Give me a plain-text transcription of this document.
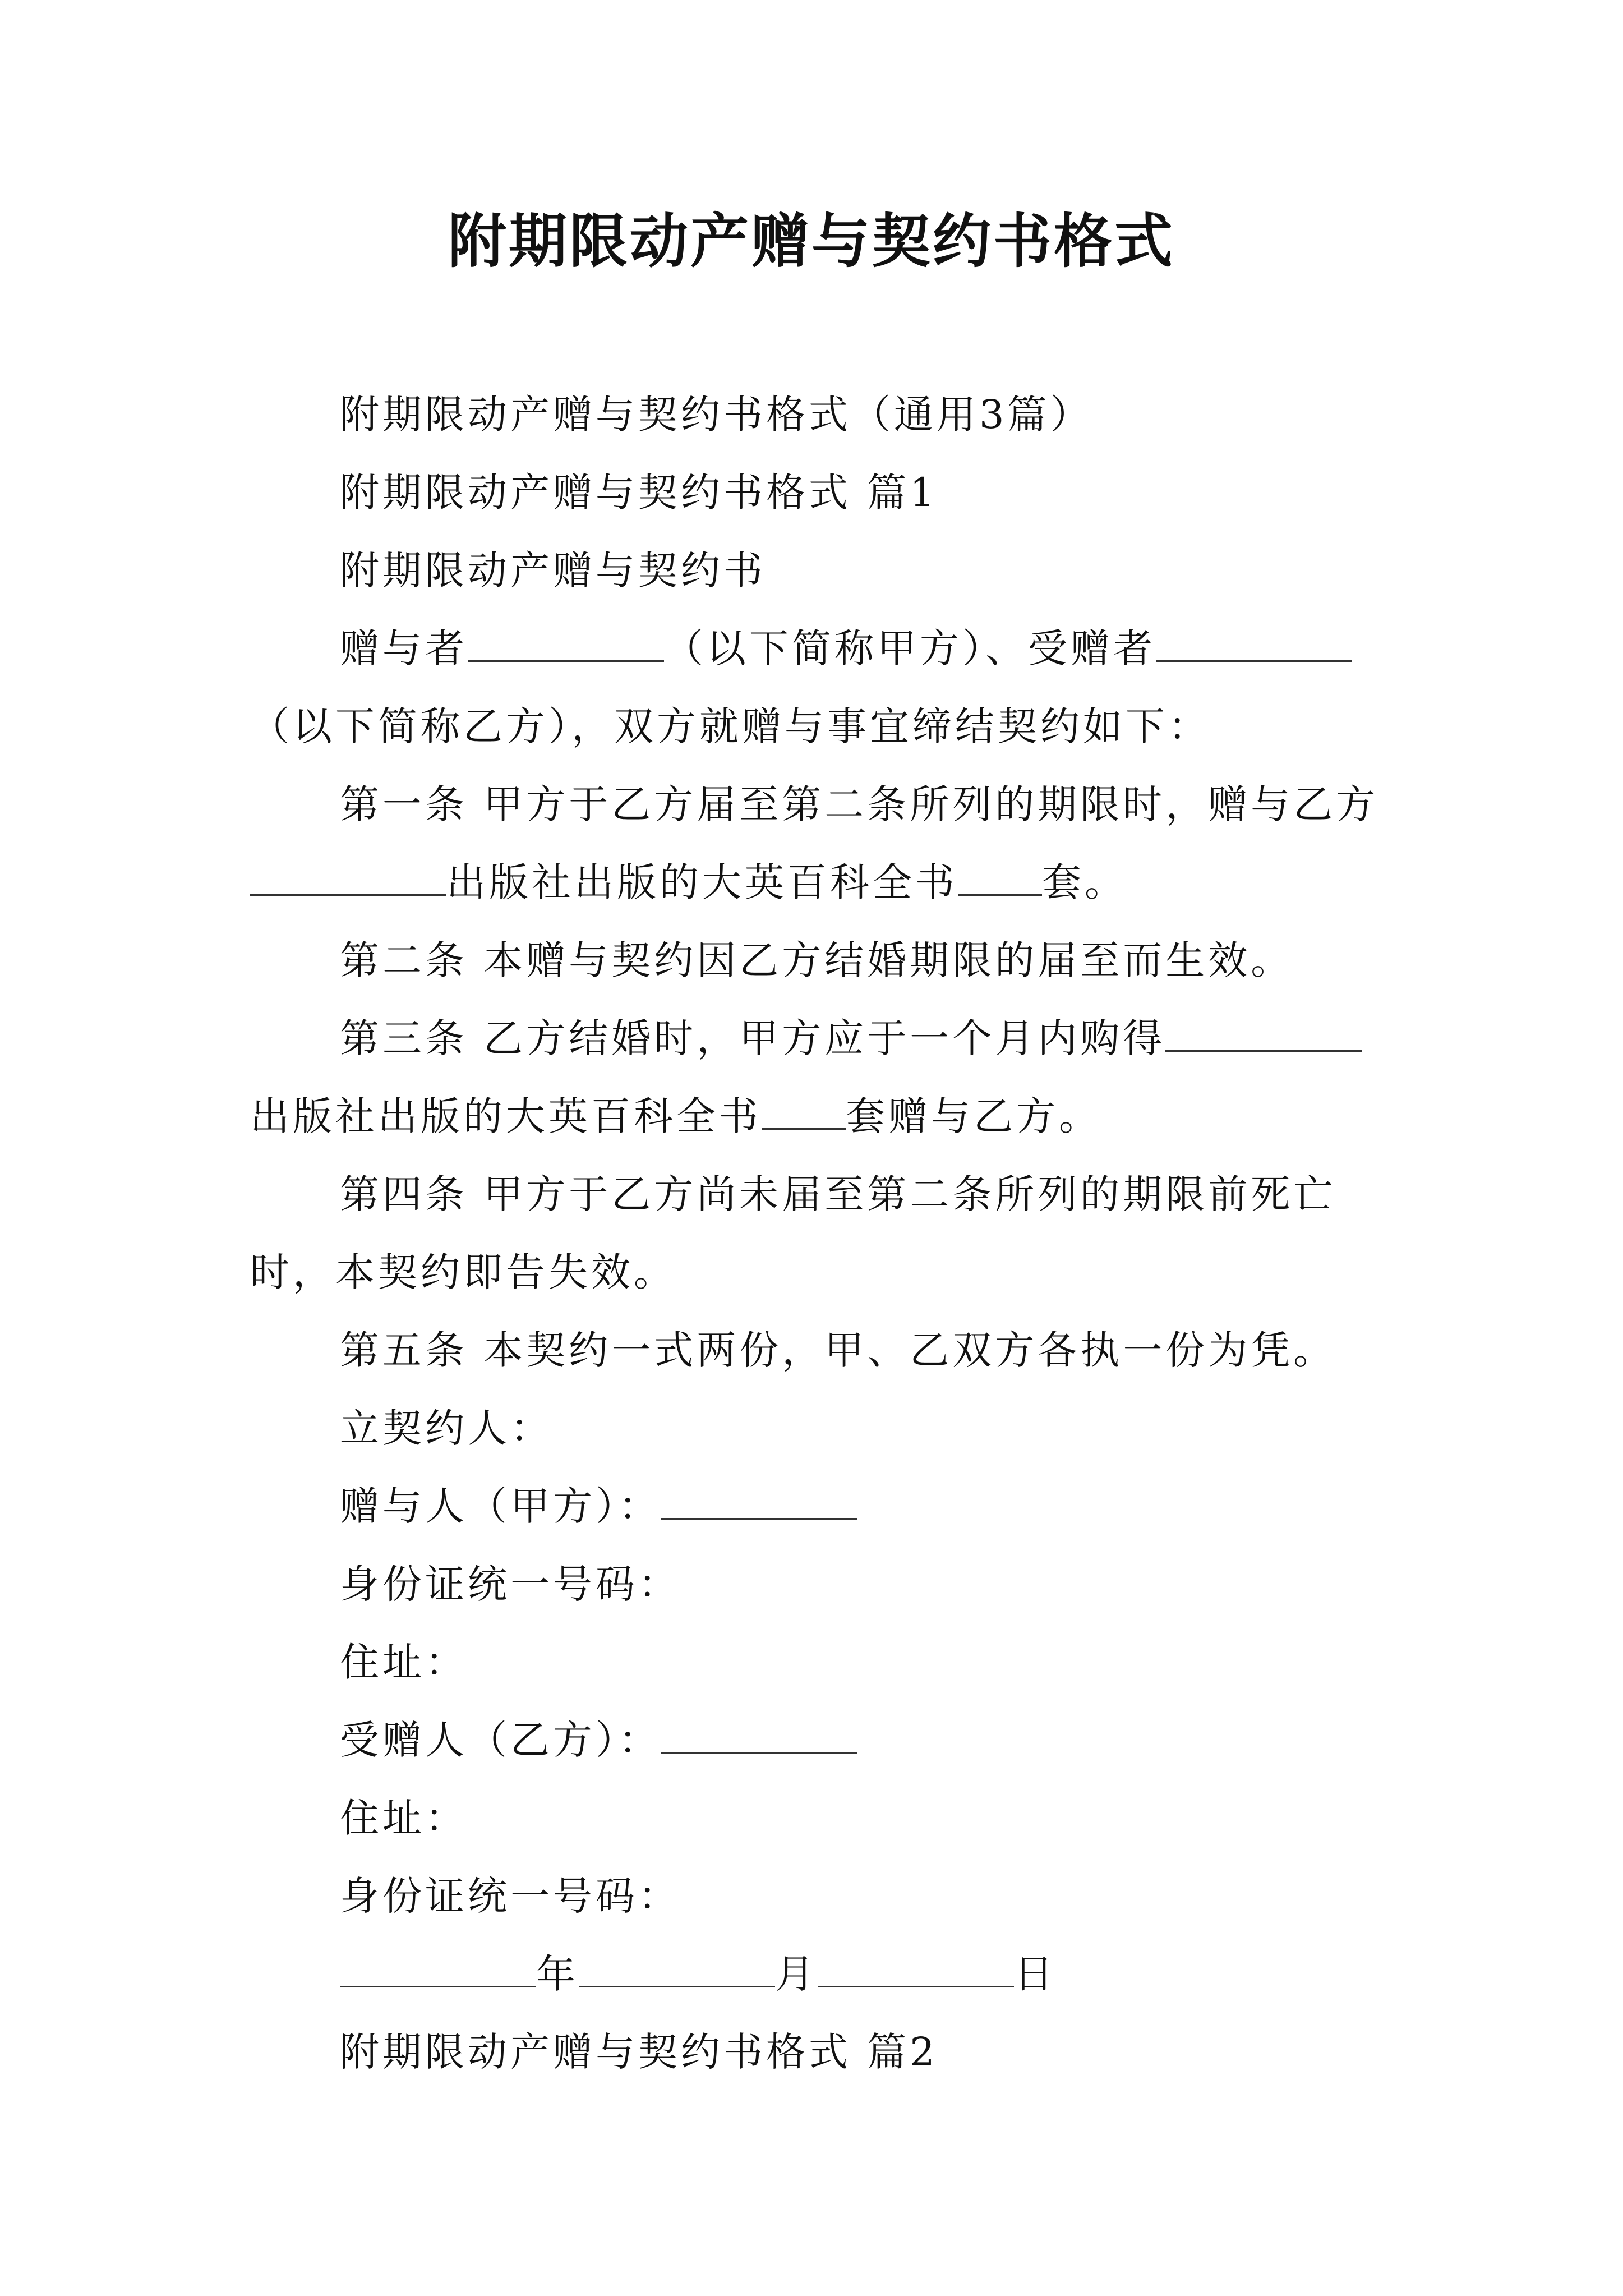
附期限动产赠与契约书格式

附期限动产赠与契约书格式（通用3篇）

附期限动产赠与契约书格式 篇1

附期限动产赠与契约书

赠与者	（以下简称甲方）、受赠者（以下简称乙方），双方就赠与事宜缔结契约如下：

第一条 甲方于乙方届至第二条所列的期限时，赠与乙方出版社出版的大英百科全书 套。

第二条 本赠与契约因乙方结婚期限的届至而生效。

第三条 乙方结婚时，甲方应于一个月内购得出版社出版的大英百科全书 套赠与乙方。

第四条 甲方于乙方尚未届至第二条所列的期限前死亡时，本契约即告失效。

第五条 本契约一式两份，甲、乙双方各执一份为凭。

立契约人：

赠与人（甲方）：

身份证统一号码：

住址：

受赠人（乙方）：

住址：

身份证统一号码：

年	月	日

附期限动产赠与契约书格式 篇2
